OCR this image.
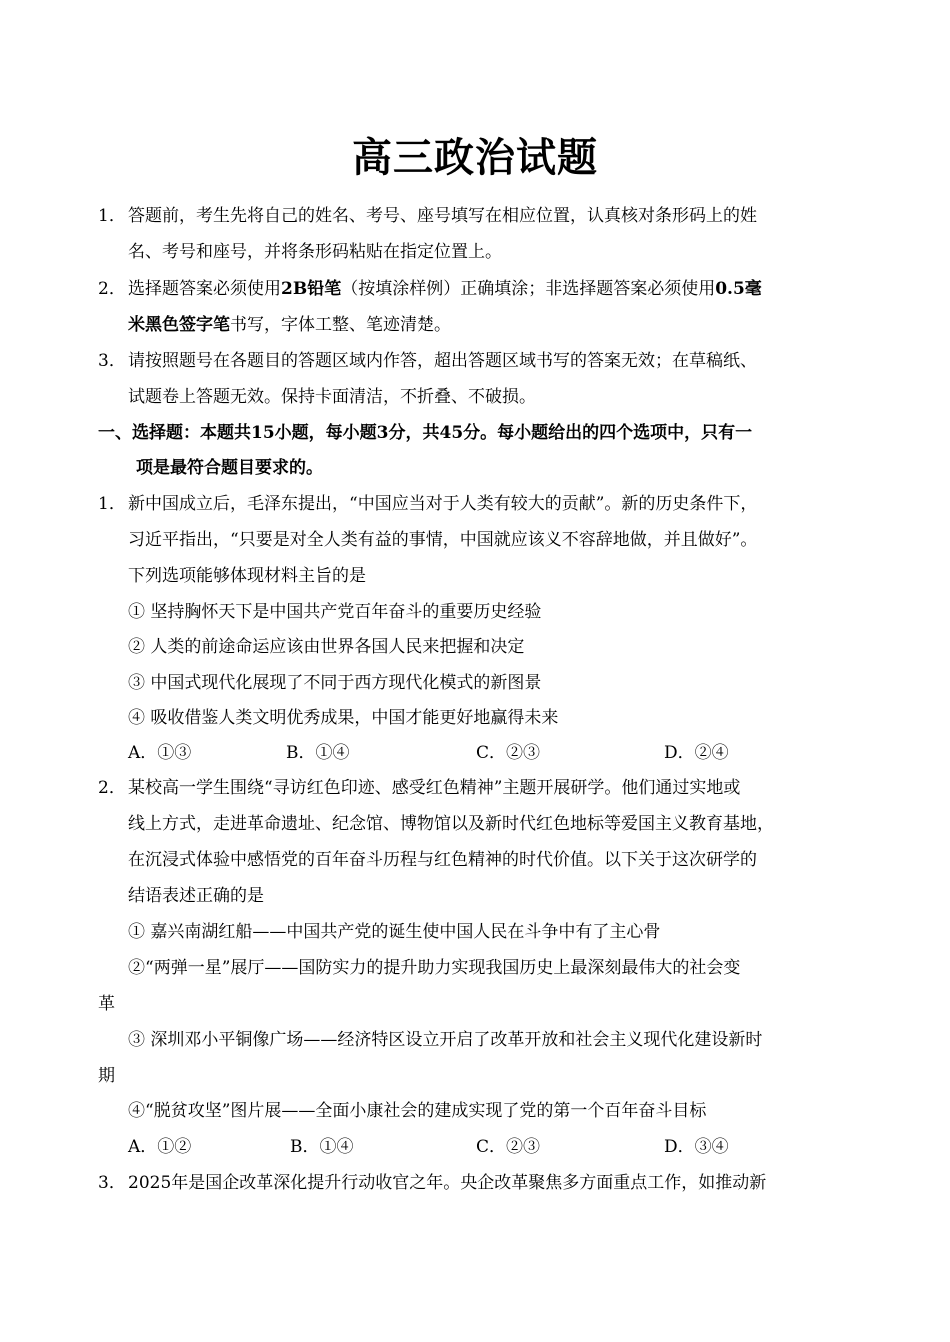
高三政治试题
1． 答题前，考生先将自己的姓名、考号、座号填写在相应位置，认真核对条形码上的姓
名、考号和座号，并将条形码粘贴在指定位置上。
2． 选择题答案必须使用2B铅笔（按填涂样例）正确填涂；非选择题答案必须使用0.5毫
米黑色签字笔书写，字体工整、笔迹清楚。
3． 请按照题号在各题目的答题区域内作答，超出答题区域书写的答案无效；在草稿纸、
试题卷上答题无效。保持卡面清洁，不折叠、不破损。
一、选择题：本题共15小题，每小题3分，共45分。每小题给出的四个选项中，只有一
项是最符合题目要求的。
1． 新中国成立后，毛泽东提出，“中国应当对于人类有较大的贡献”。新的历史条件下，
习近平指出，“只要是对全人类有益的事情，中国就应该义不容辞地做，并且做好”。
下列选项能够体现材料主旨的是
① 坚持胸怀天下是中国共产党百年奋斗的重要历史经验
② 人类的前途命运应该由世界各国人民来把握和决定
③ 中国式现代化展现了不同于西方现代化模式的新图景
④ 吸收借鉴人类文明优秀成果，中国才能更好地赢得未来
A．①③	B．①④	C．②③	D．②④
2． 某校高一学生围绕“寻访红色印迹、感受红色精神”主题开展研学。他们通过实地或
线上方式，走进革命遗址、纪念馆、博物馆以及新时代红色地标等爱国主义教育基地，
在沉浸式体验中感悟党的百年奋斗历程与红色精神的时代价值。以下关于这次研学的
结语表述正确的是
① 嘉兴南湖红船——中国共产党的诞生使中国人民在斗争中有了主心骨
②“两弹一星”展厅——国防实力的提升助力实现我国历史上最深刻最伟大的社会变
革
③ 深圳邓小平铜像广场——经济特区设立开启了改革开放和社会主义现代化建设新时
期
④“脱贫攻坚”图片展——全面小康社会的建成实现了党的第一个百年奋斗目标
A．①②	B．①④	C．②③	D．③④
3． 2025年是国企改革深化提升行动收官之年。央企改革聚焦多方面重点工作，如推动新
